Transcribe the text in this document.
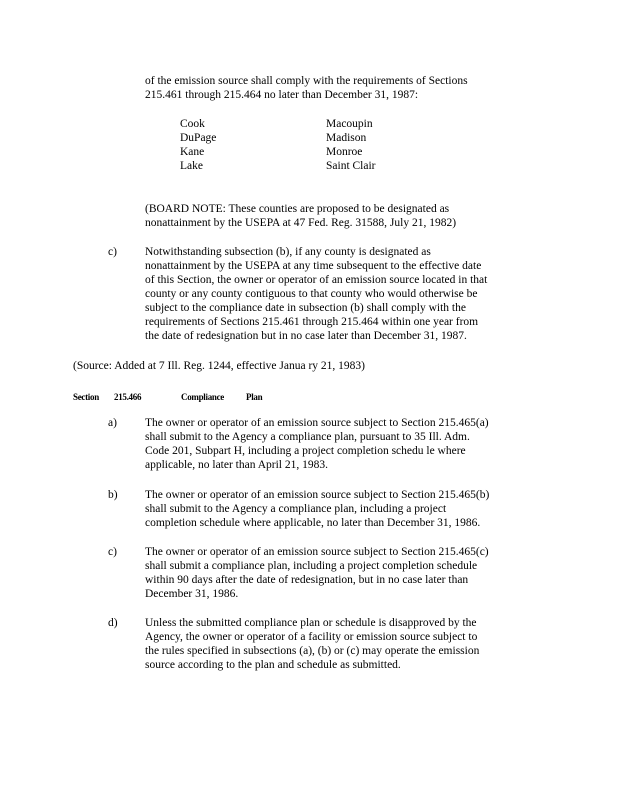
of the emission source shall comply with the requirements of Sections
215.461 through 215.464 no later than December 31, 1987:
Cook
DuPage
Kane
Lake
Macoupin
Madison
Monroe
Saint Clair
(BOARD NOTE: These counties are proposed to be designated as
nonattainment by the USEPA at 47 Fed. Reg. 31588, July 21, 1982)
c) Notwithstanding subsection (b), if any county is designated as
nonattainment by the USEPA at any time subsequent to the effective date
of this Section, the owner or operator of an emission source located in that
county or any county contiguous to that county who would otherwise be
subject to the compliance date in subsection (b) shall comply with the
requirements of Sections 215.461 through 215.464 within one year from
the date of redesignation but in no case later than December 31, 1987.
(Source: Added at 7 Ill. Reg. 1244, effective Janua ry 21, 1983)
Section 215.466	Compliance Plan
a) The owner or operator of an emission source subject to Section 215.465(a)
shall submit to the Agency a compliance plan, pursuant to 35 Ill. Adm.
Code 201, Subpart H, including a project completion schedu le where
applicable, no later than April 21, 1983.
b) The owner or operator of an emission source subject to Section 215.465(b)
shall submit to the Agency a compliance plan, including a project
completion schedule where applicable, no later than December 31, 1986.
c) The owner or operator of an emission source subject to Section 215.465(c)
shall submit a compliance plan, including a project completion schedule
within 90 days after the date of redesignation, but in no case later than
December 31, 1986.
d) Unless the submitted compliance plan or schedule is disapproved by the
Agency, the owner or operator of a facility or emission source subject to
the rules specified in subsections (a), (b) or (c) may operate the emission
source according to the plan and schedule as submitted.
